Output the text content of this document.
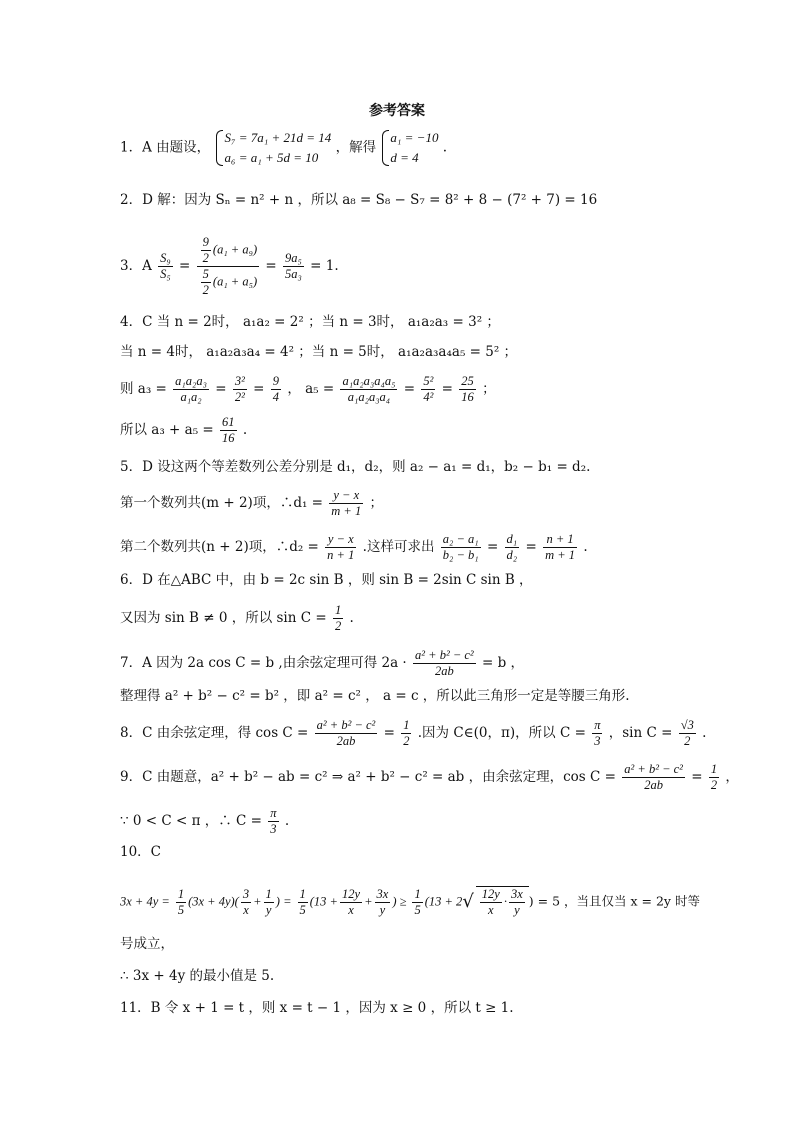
参考答案
1．A 由题设，
S₇ = 7a₁ + 21d = 14
a₆ = a₁ + 5d = 10
，解得
a₁ = −10
d = 4
.
2．D 解：因为 Sₙ = n² + n ，所以 a₈ = S₈ − S₇ = 8² + 8 − (7² + 7) = 16
3．A $\frac{\text{S₉}}{\text{S₅}} = \frac{\frac{9}{2} (a_1 + a_9)}{\frac{5}{2} (a_1 + a_5)} = \frac{\text{9a₅}}{\text{5a₃}} = 1$.
4．C 当 n = 2时， a₁a₂ = 2² ；当 n = 3时， a₁a₂a₃ = 3² ；
当 n = 4时， a₁a₂a₃a₄ = 4² ；当 n = 5时， a₁a₂a₃a₄a₅ = 5² ；
则 $a_3 = \frac{\text{a₁a₂a₃}}{\text{a₁a₂}} = \frac{\text{3²}}{\text{2²}} = \frac{9}{4}$ ， $a_5 = \frac{\text{a₁a₂a₃a₄a₅}}{\text{a₁a₂a₃a₄}} = \frac{\text{5²}}{\text{4²}} = \frac{25}{16}$ ；
所以 $a_3 + a_5 = \frac{61}{16}$ .
5．D 设这两个等差数列公差分别是 d₁，d₂，则 a₂ − a₁ = d₁，b₂ − b₁ = d₂.
第一个数列共(m + 2)项，∴d₁ = $\frac{y - x}{m + 1}$ ；
第二个数列共(n + 2)项，∴d₂ = $\frac{y - x}{n + 1}$ .这样可求出 $\frac{\text{a₂ − a₁}}{\text{b₂ − b₁}} = \frac{\text{d₁}}{\text{d₂}} = \frac{n + 1}{m + 1}$ .
6．D 在△ABC 中，由 b = 2c sin B ，则 sin B = 2sin C sin B ，
又因为 sin B ≠ 0 ，所以 $\sin C = \frac{1}{2}$ .
7．A 因为 2a cos C = b ,由余弦定理可得 $2a \cdot \frac{\text{a² + b² − c²}}{2ab} = b$ ，
整理得 a² + b² − c² = b² ，即 a² = c² ， a = c ，所以此三角形一定是等腰三角形.
8．C 由余弦定理，得 $\cos C = \frac{\text{a² + b² − c²}}{2ab} = \frac{1}{2}$ .因为 C∈(0，π)，所以 $C = \frac{\pi}{3}$ ，$\sin C = \frac{√3}{2}$ .
9．C 由题意，a² + b² − ab = c² ⇒ a² + b² − c² = ab ，由余弦定理，$\cos C = \frac{\text{a² + b² − c²}}{2ab} = \frac{1}{2}$ ，
∵ 0 < C < π ，∴ $C = \frac{\pi}{3}$ .
10．C
$3x + 4y = \frac{1}{5} (3x + 4y)( \frac{3}{x} + \frac{1}{y}$ ) = $\frac{1}{5} (13 + \frac{12y}{x} + \frac{3x}{y}$ ) ≥ $\frac{1}{5} (13 + 2√ \frac{12y}{x} \cdot \frac{3x}{y}$ ) = 5 ，当且仅当 x = 2y 时等
号成立，
∴ 3x + 4y 的最小值是 5.
11．B 令 x + 1 = t ，则 x = t − 1 ，因为 x ≥ 0 ，所以 t ≥ 1.
